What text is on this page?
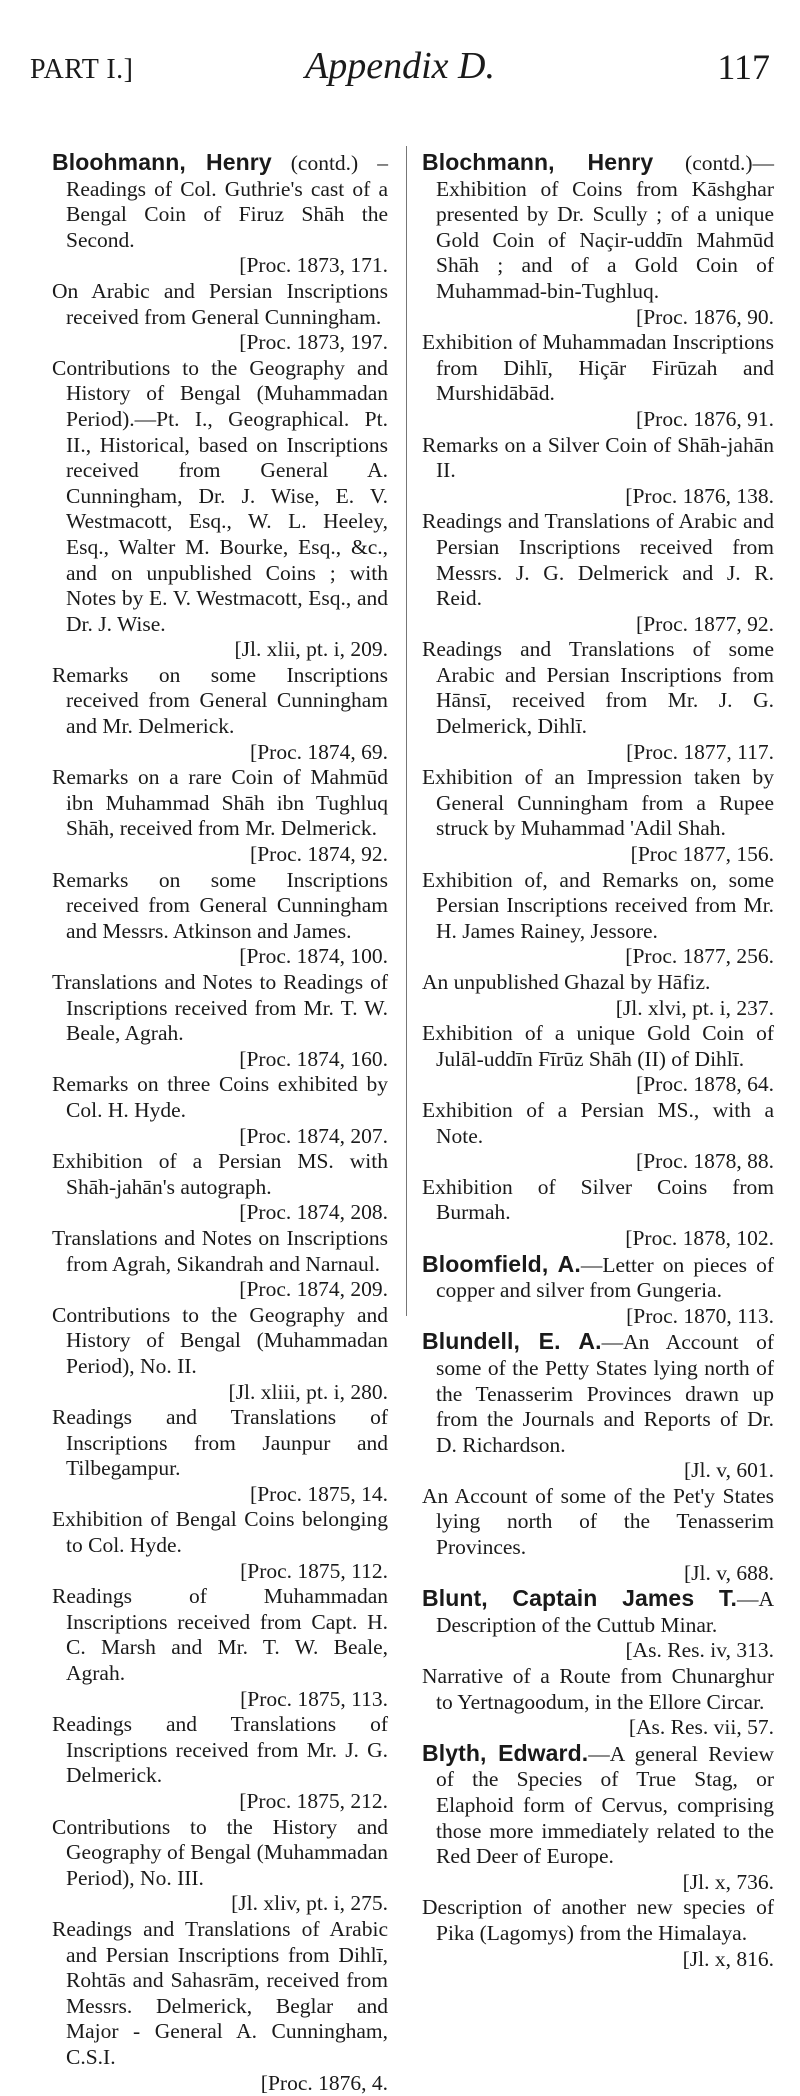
PART I.]	Appendix D.	117

Bloohmann, Henry (contd.) –Readings of Col. Guthrie's cast of a Bengal Coin of Firuz Shāh the Second.
[Proc. 1873, 171.

On Arabic and Persian Inscriptions received from General Cunningham.
[Proc. 1873, 197.

Contributions to the Geography and History of Bengal (Muhammadan Period).—Pt. I., Geographical. Pt. II., Historical, based on Inscriptions received from General A. Cunningham, Dr. J. Wise, E. V. Westmacott, Esq., W. L. Heeley, Esq., Walter M. Bourke, Esq., &c., and on unpublished Coins ; with Notes by E. V. Westmacott, Esq., and Dr. J. Wise.
[Jl. xlii, pt. i, 209.

Remarks on some Inscriptions received from General Cunningham and Mr. Delmerick.
[Proc. 1874, 69.

Remarks on a rare Coin of Mahmūd ibn Muhammad Shāh ibn Tughluq Shāh, received from Mr. Delmerick.
[Proc. 1874, 92.

Remarks on some Inscriptions received from General Cunningham and Messrs. Atkinson and James.
[Proc. 1874, 100.

Translations and Notes to Readings of Inscriptions received from Mr. T. W. Beale, Agrah.
[Proc. 1874, 160.

Remarks on three Coins exhibited by Col. H. Hyde.
[Proc. 1874, 207.

Exhibition of a Persian MS. with Shāh-jahān's autograph.
[Proc. 1874, 208.

Translations and Notes on Inscriptions from Agrah, Sikandrah and Narnaul.
[Proc. 1874, 209.

Contributions to the Geography and History of Bengal (Muhammadan Period), No. II.
[Jl. xliii, pt. i, 280.

Readings and Translations of Inscriptions from Jaunpur and Tilbegampur.
[Proc. 1875, 14.

Exhibition of Bengal Coins belonging to Col. Hyde.
[Proc. 1875, 112.

Readings of Muhammadan Inscriptions received from Capt. H. C. Marsh and Mr. T. W. Beale, Agrah.
[Proc. 1875, 113.

Readings and Translations of Inscriptions received from Mr. J. G. Delmerick.
[Proc. 1875, 212.

Contributions to the History and Geography of Bengal (Muhammadan Period), No. III.
[Jl. xliv, pt. i, 275.

Readings and Translations of Arabic and Persian Inscriptions from Dihlī, Rohtās and Sahasrām, received from Messrs. Delmerick, Beglar and Major - General A. Cunningham, C.S.I.
[Proc. 1876, 4.

Blochmann, Henry (contd.)—Exhibition of Coins from Kāshghar presented by Dr. Scully ; of a unique Gold Coin of Naçir-uddīn Mahmūd Shāh ; and of a Gold Coin of Muhammad-bin-Tughluq.
[Proc. 1876, 90.

Exhibition of Muhammadan Inscriptions from Dihlī, Hiçār Firūzah and Murshidābād.
[Proc. 1876, 91.

Remarks on a Silver Coin of Shāh-jahān II.
[Proc. 1876, 138.

Readings and Translations of Arabic and Persian Inscriptions received from Messrs. J. G. Delmerick and J. R. Reid.
[Proc. 1877, 92.

Readings and Translations of some Arabic and Persian Inscriptions from Hānsī, received from Mr. J. G. Delmerick, Dihlī.
[Proc. 1877, 117.

Exhibition of an Impression taken by General Cunningham from a Rupee struck by Muhammad 'Adil Shah.
[Proc 1877, 156.

Exhibition of, and Remarks on, some Persian Inscriptions received from Mr. H. James Rainey, Jessore.
[Proc. 1877, 256.

An unpublished Ghazal by Hāfiz.
[Jl. xlvi, pt. i, 237.

Exhibition of a unique Gold Coin of Julāl-uddīn Fīrūz Shāh (II) of Dihlī.
[Proc. 1878, 64.

Exhibition of a Persian MS., with a Note.
[Proc. 1878, 88.

Exhibition of Silver Coins from Burmah.
[Proc. 1878, 102.

Bloomfield, A.—Letter on pieces of copper and silver from Gungeria.
[Proc. 1870, 113.

Blundell, E. A.—An Account of some of the Petty States lying north of the Tenasserim Provinces drawn up from the Journals and Reports of Dr. D. Richardson.
[Jl. v, 601.

An Account of some of the Pet'y States lying north of the Tenasserim Provinces.
[Jl. v, 688.

Blunt, Captain James T.—A Description of the Cuttub Minar.
[As. Res. iv, 313.

Narrative of a Route from Chunarghur to Yertnagoodum, in the Ellore Circar.
[As. Res. vii, 57.

Blyth, Edward.—A general Review of the Species of True Stag, or Elaphoid form of Cervus, comprising those more immediately related to the Red Deer of Europe.
[Jl. x, 736.

Description of another new species of Pika (Lagomys) from the Himalaya.
[Jl. x, 816.
